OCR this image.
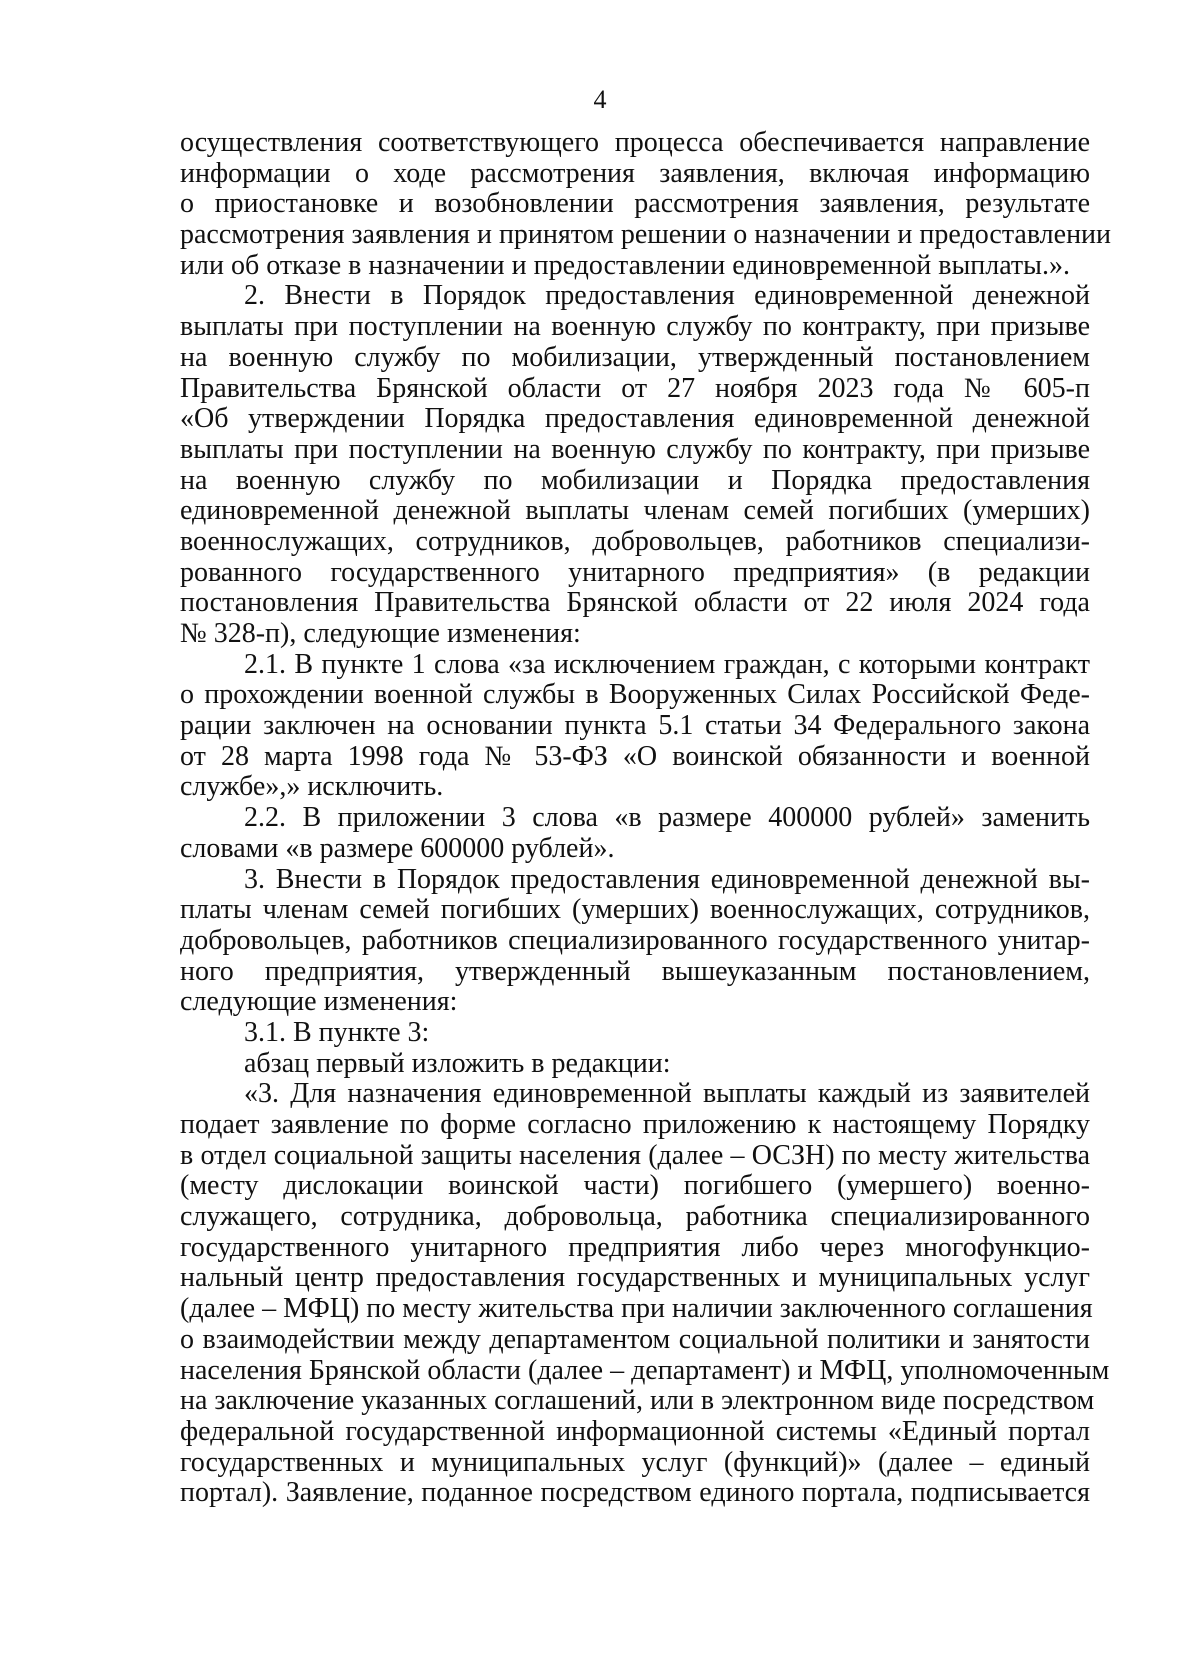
4
осуществления соответствующего процесса обеспечивается направление
информации о ходе рассмотрения заявления, включая информацию
о приостановке и возобновлении рассмотрения заявления, результате
рассмотрения заявления и принятом решении о назначении и предоставлении
или об отказе в назначении и предоставлении единовременной выплаты.».
2. Внести в Порядок предоставления единовременной денежной
выплаты при поступлении на военную службу по контракту, при призыве
на военную службу по мобилизации, утвержденный постановлением
Правительства Брянской области от 27 ноября 2023 года № 605-п
«Об утверждении Порядка предоставления единовременной денежной
выплаты при поступлении на военную службу по контракту, при призыве
на военную службу по мобилизации и Порядка предоставления
единовременной денежной выплаты членам семей погибших (умерших)
военнослужащих, сотрудников, добровольцев, работников специализи-
рованного государственного унитарного предприятия» (в редакции
постановления Правительства Брянской области от 22 июля 2024 года
№ 328-п), следующие изменения:
2.1. В пункте 1 слова «за исключением граждан, с которыми контракт
о прохождении военной службы в Вооруженных Силах Российской Феде-
рации заключен на основании пункта 5.1 статьи 34 Федерального закона
от 28 марта 1998 года № 53-ФЗ «О воинской обязанности и военной
службе»,» исключить.
2.2. В приложении 3 слова «в размере 400000 рублей» заменить
словами «в размере 600000 рублей».
3. Внести в Порядок предоставления единовременной денежной вы-
платы членам семей погибших (умерших) военнослужащих, сотрудников,
добровольцев, работников специализированного государственного унитар-
ного предприятия, утвержденный вышеуказанным постановлением,
следующие изменения:
3.1. В пункте 3:
абзац первый изложить в редакции:
«3. Для назначения единовременной выплаты каждый из заявителей
подает заявление по форме согласно приложению к настоящему Порядку
в отдел социальной защиты населения (далее – ОСЗН) по месту жительства
(месту дислокации воинской части) погибшего (умершего) военно-
служащего, сотрудника, добровольца, работника специализированного
государственного унитарного предприятия либо через многофункцио-
нальный центр предоставления государственных и муниципальных услуг
(далее – МФЦ) по месту жительства при наличии заключенного соглашения
о взаимодействии между департаментом социальной политики и занятости
населения Брянской области (далее – департамент) и МФЦ, уполномоченным
на заключение указанных соглашений, или в электронном виде посредством
федеральной государственной информационной системы «Единый портал
государственных и муниципальных услуг (функций)» (далее – единый
портал). Заявление, поданное посредством единого портала, подписывается
